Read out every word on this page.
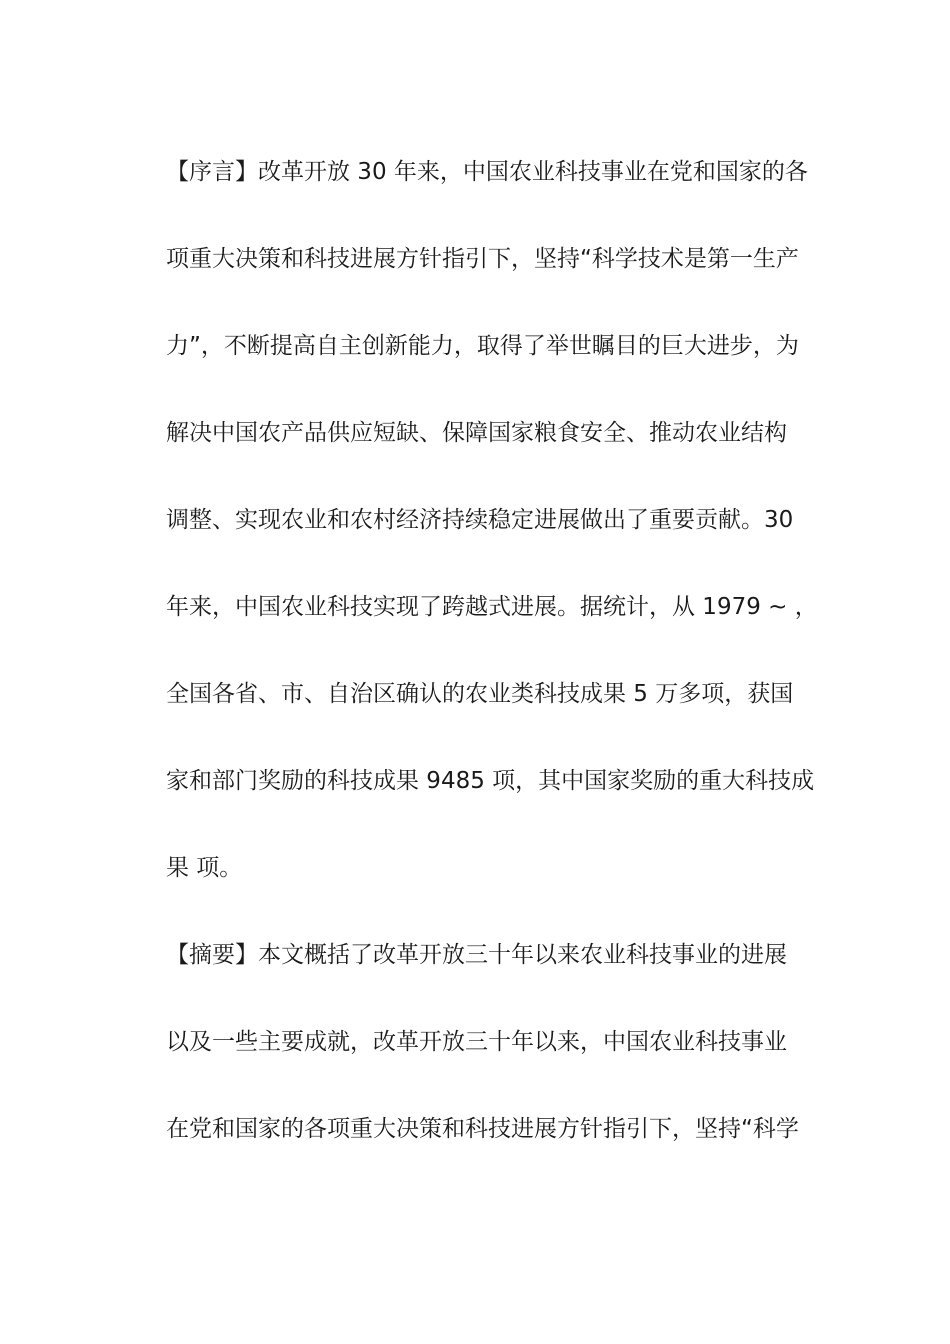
【序言】改革开放 30 年来，中国农业科技事业在党和国家的各
项重大决策和科技进展方针指引下，坚持“科学技术是第一生产
力”，不断提高自主创新能力，取得了举世瞩目的巨大进步，为
解决中国农产品供应短缺、保障国家粮食安全、推动农业结构
调整、实现农业和农村经济持续稳定进展做出了重要贡献。30
年来，中国农业科技实现了跨越式进展。据统计，从 1979 ~ ，
全国各省、市、自治区确认的农业类科技成果 5 万多项，获国
家和部门奖励的科技成果 9485 项，其中国家奖励的重大科技成
果 项。
【摘要】本文概括了改革开放三十年以来农业科技事业的进展
以及一些主要成就，改革开放三十年以来，中国农业科技事业
在党和国家的各项重大决策和科技进展方针指引下，坚持“科学
